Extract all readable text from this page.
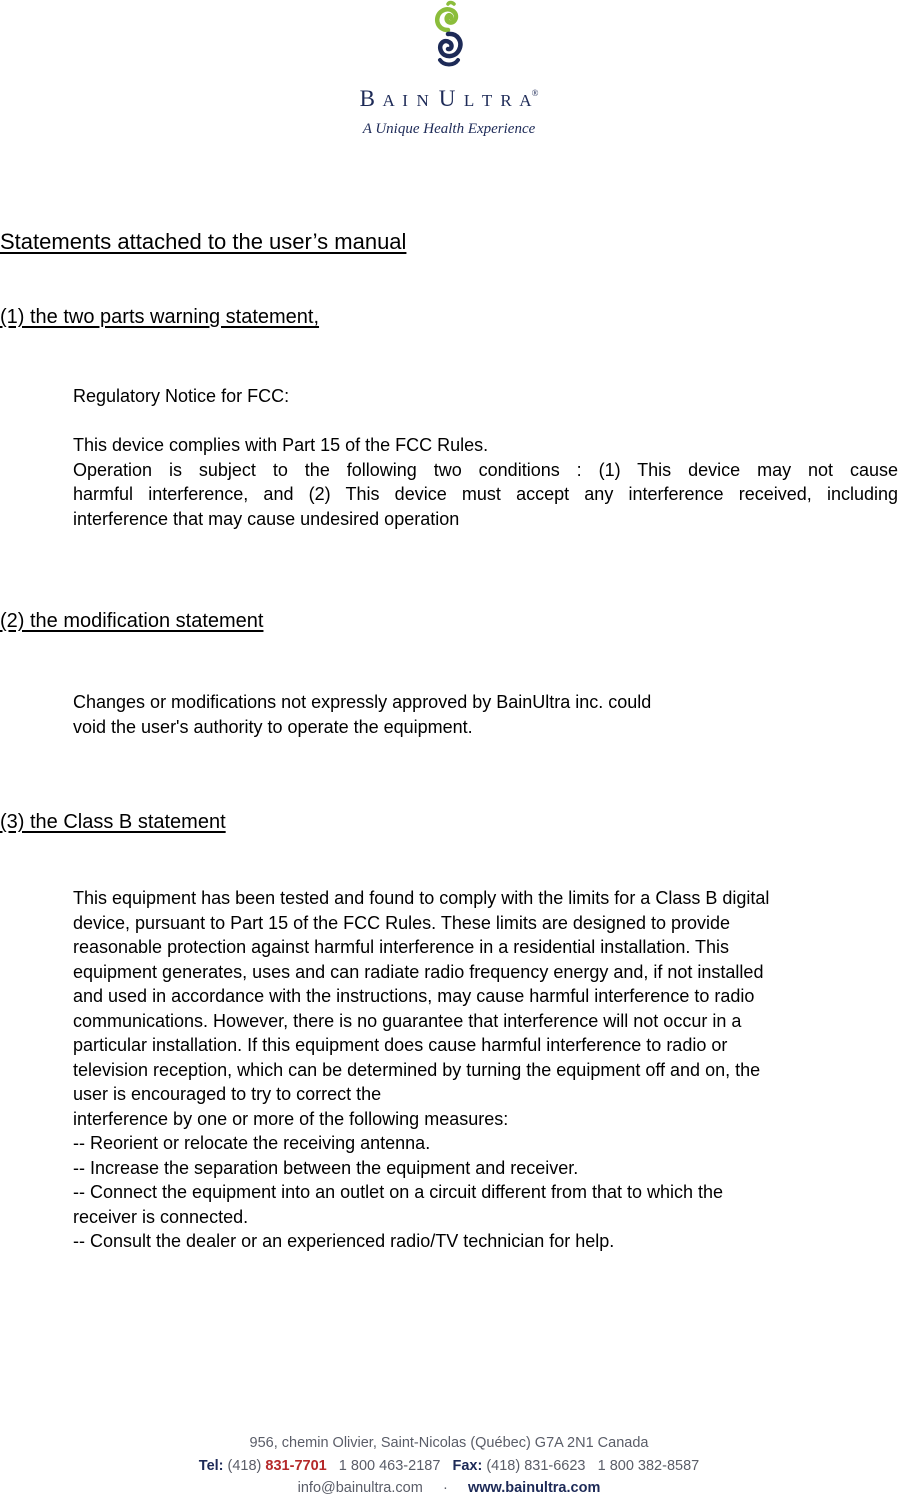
B  A  I  N  U  L  T  R  A®
A Unique Health Experience
Statements attached to the user’s manual
(1) the two parts warning statement,
Regulatory Notice for FCC:
This device complies with Part 15 of the FCC Rules.
Operation is subject to the following two conditions : (1) This device may not cause
harmful interference, and (2) This device must accept any interference received, including
interference that may cause undesired operation
(2) the modification statement
Changes or modifications not expressly approved by BainUltra inc. could
void the user's authority to operate the equipment.
(3) the Class B statement
This equipment has been tested and found to comply with the limits for a Class B digital
device, pursuant to Part 15 of the FCC Rules. These limits are designed to provide
reasonable protection against harmful interference in a residential installation. This
equipment generates, uses and can radiate radio frequency energy and, if not installed
and used in accordance with the instructions, may cause harmful interference to radio
communications. However, there is no guarantee that interference will not occur in a
particular installation. If this equipment does cause harmful interference to radio or
television reception, which can be determined by turning the equipment off and on, the
user is encouraged to try to correct the
interference by one or more of the following measures:
-- Reorient or relocate the receiving antenna.
-- Increase the separation between the equipment and receiver.
-- Connect the equipment into an outlet on a circuit different from that to which the
receiver is connected.
-- Consult the dealer or an experienced radio/TV technician for help.
956, chemin Olivier, Saint-Nicolas (Québec) G7A 2N1 Canada
Tel: (418) 831-7701 1 800 463-2187 Fax: (418) 831-6623 1 800 382-8587
info@bainultra.com · www.bainultra.com
